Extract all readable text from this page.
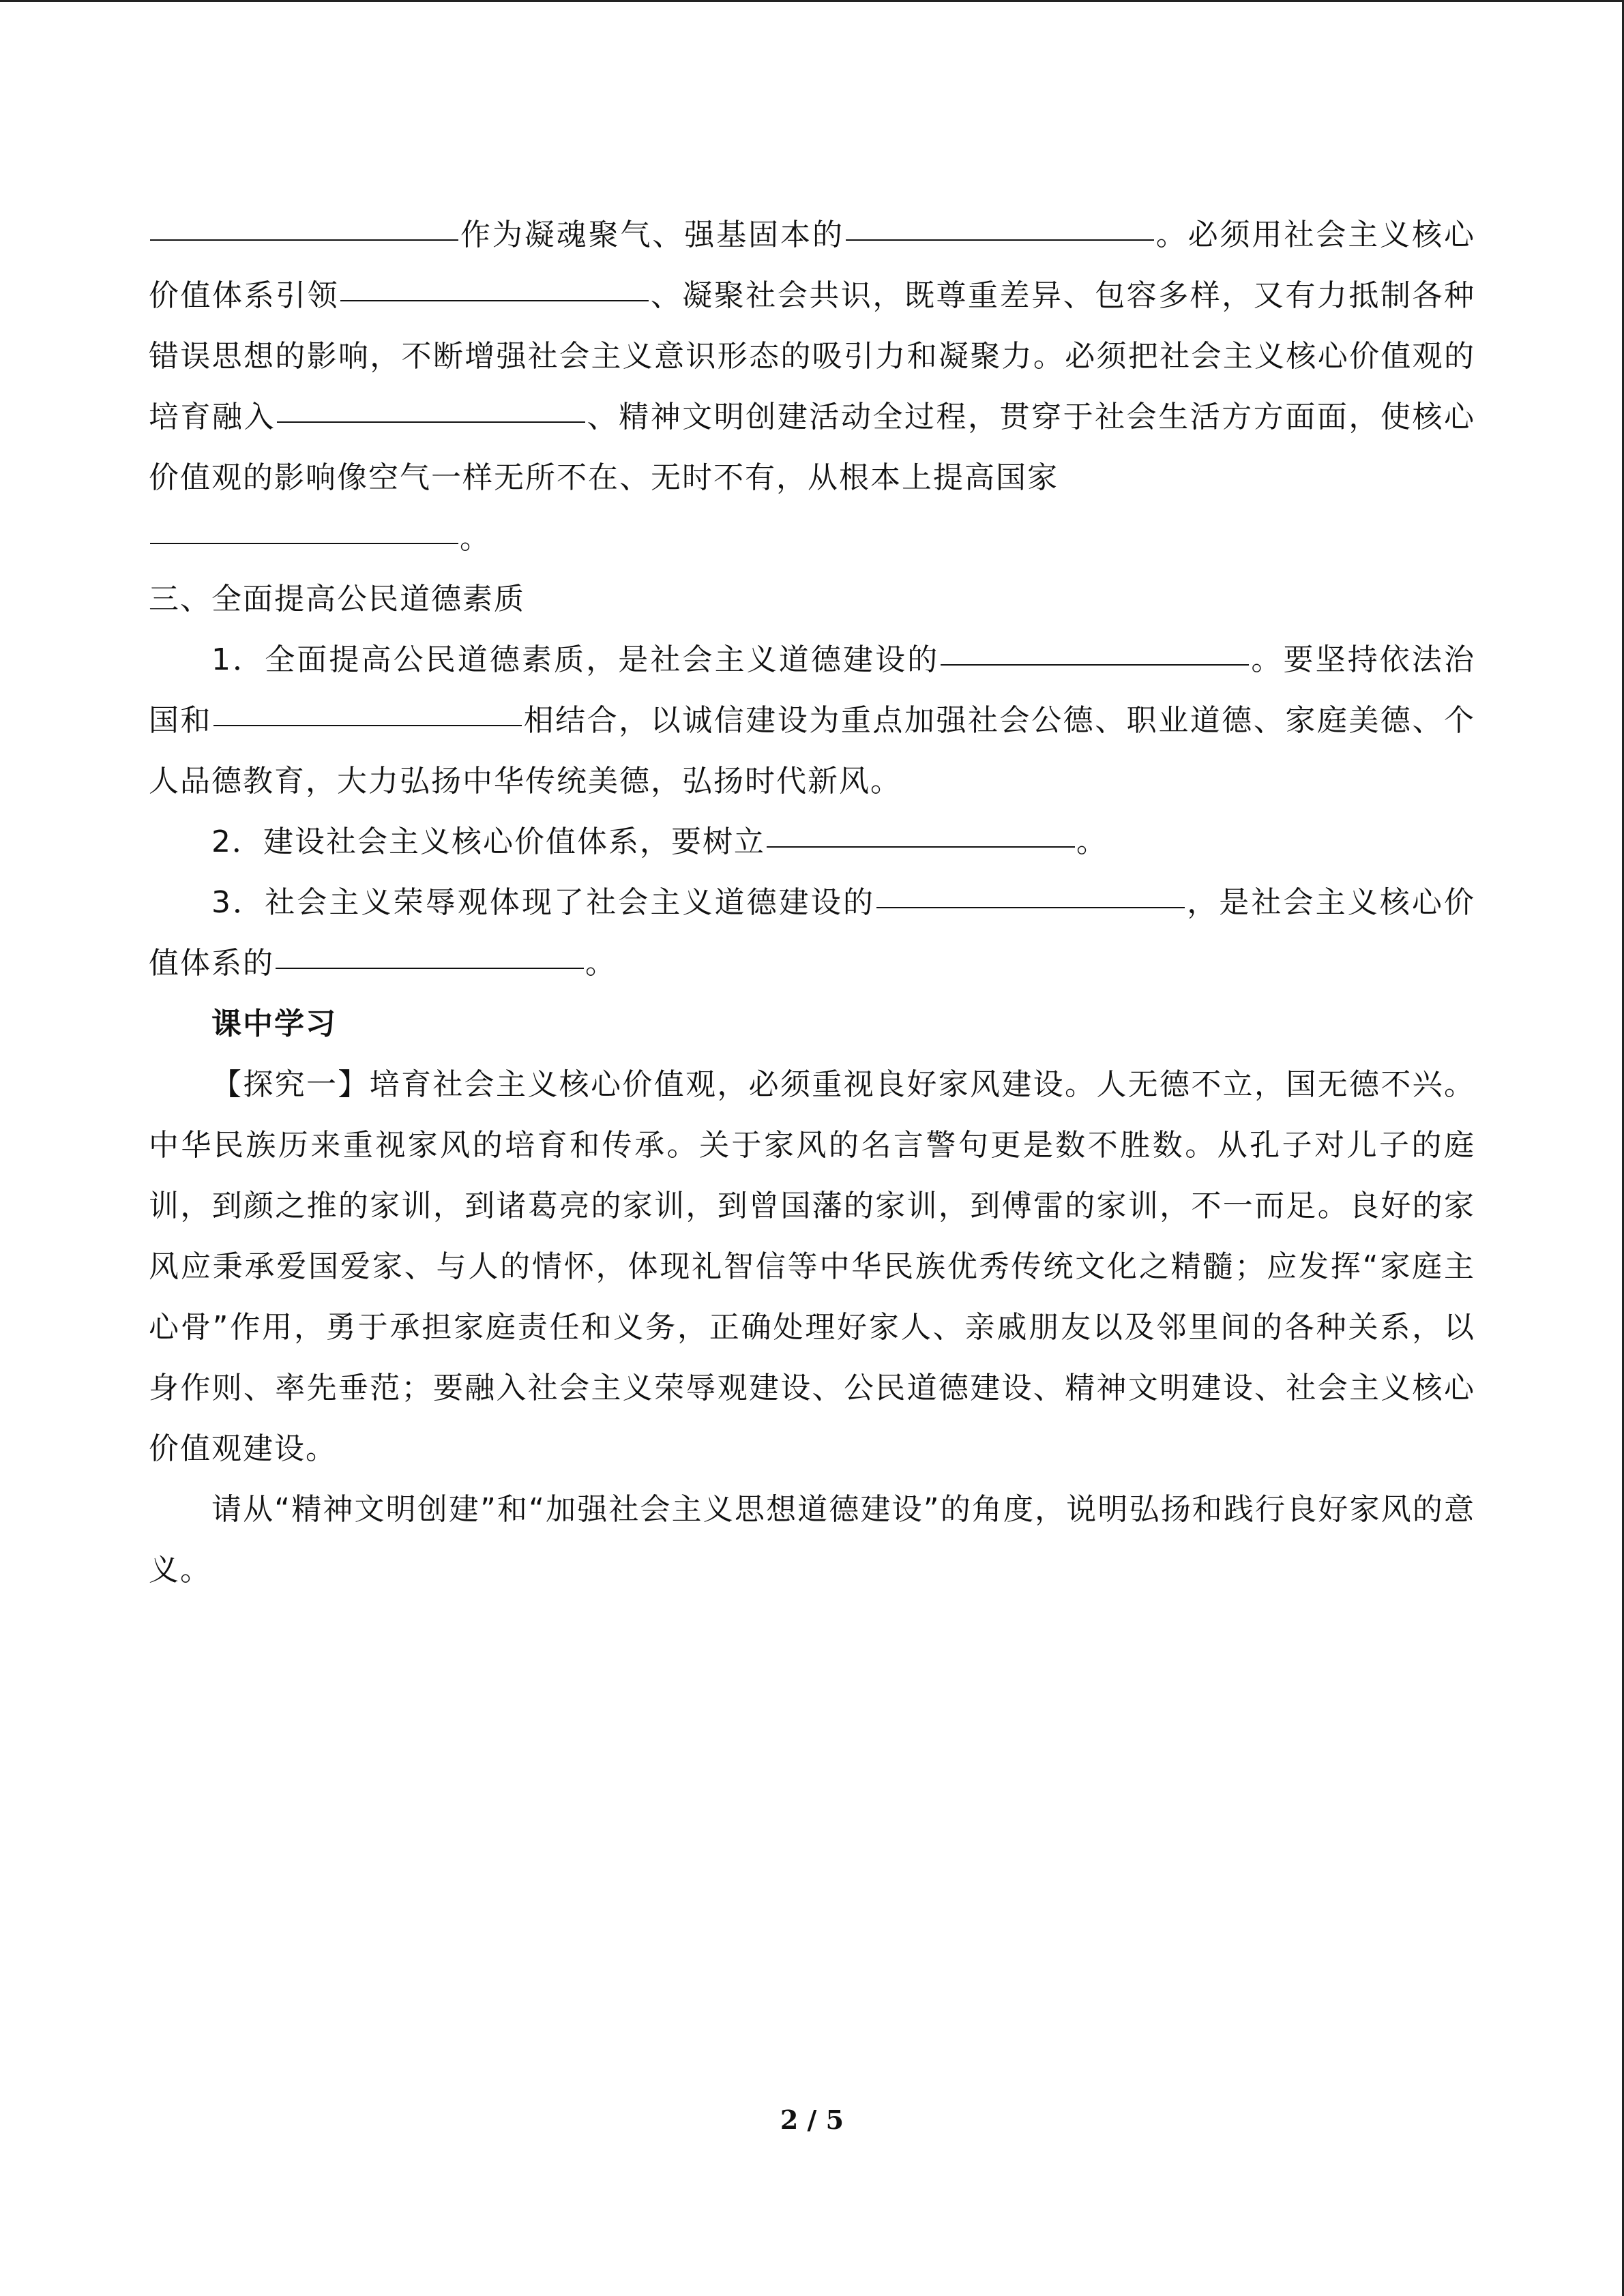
作为凝魂聚气、强基固本的	。必须用社会主义核心价值体系引领	、凝聚社会共识，既尊重差异、包容多样，又有力抵制各种错误思想的影响，不断增强社会主义意识形态的吸引力和凝聚力。必须把社会主义核心价值观的培育融入	、精神文明创建活动全过程，贯穿于社会生活方方面面，使核心价值观的影响像空气一样无所不在、无时不有，从根本上提高国家
。

三、全面提高公民道德素质

1．全面提高公民道德素质，是社会主义道德建设的	。要坚持依法治国和	相结合，以诚信建设为重点加强社会公德、职业道德、家庭美德、个人品德教育，大力弘扬中华传统美德，弘扬时代新风。

2．建设社会主义核心价值体系，要树立	。

3．社会主义荣辱观体现了社会主义道德建设的	，是社会主义核心价值体系的	。

课中学习

【探究一】培育社会主义核心价值观，必须重视良好家风建设。人无德不立，国无德不兴。中华民族历来重视家风的培育和传承。关于家风的名言警句更是数不胜数。从孔子对儿子的庭训，到颜之推的家训，到诸葛亮的家训，到曾国藩的家训，到傅雷的家训，不一而足。良好的家风应秉承爱国爱家、与人的情怀，体现礼智信等中华民族优秀传统文化之精髓；应发挥“家庭主心骨”作用，勇于承担家庭责任和义务，正确处理好家人、亲戚朋友以及邻里间的各种关系，以身作则、率先垂范；要融入社会主义荣辱观建设、公民道德建设、精神文明建设、社会主义核心价值观建设。

请从“精神文明创建”和“加强社会主义思想道德建设”的角度，说明弘扬和践行良好家风的意义。

2 / 5
